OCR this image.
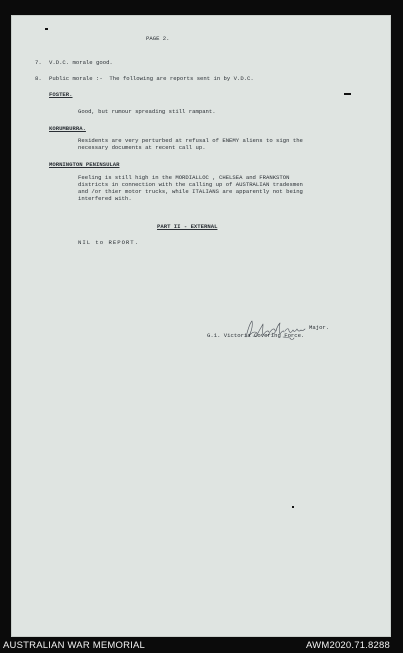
PAGE 2.
7. V.D.C. morale good.
8. Public morale :-  The following are reports sent in by V.D.C.
FOSTER.
Good, but rumour spreading still rampant.
KORUMBURRA.
Residents are very perturbed at refusal of ENEMY aliens to sign the
necessary documents at recent call up.
MORNINGTON PENINSULAR
Feeling is still high in the MORDIALLOC , CHELSEA and FRANKSTON
districts in connection with the calling up of AUSTRALIAN tradesmen
and /or thier motor trucks, while ITALIANS are apparently not being
interfered with.
PART II - EXTERNAL
NIL to REPORT.
Major.
G.1. Victoria Covering Force.
AUSTRALIAN WAR MEMORIAL	AWM2020.71.8288
